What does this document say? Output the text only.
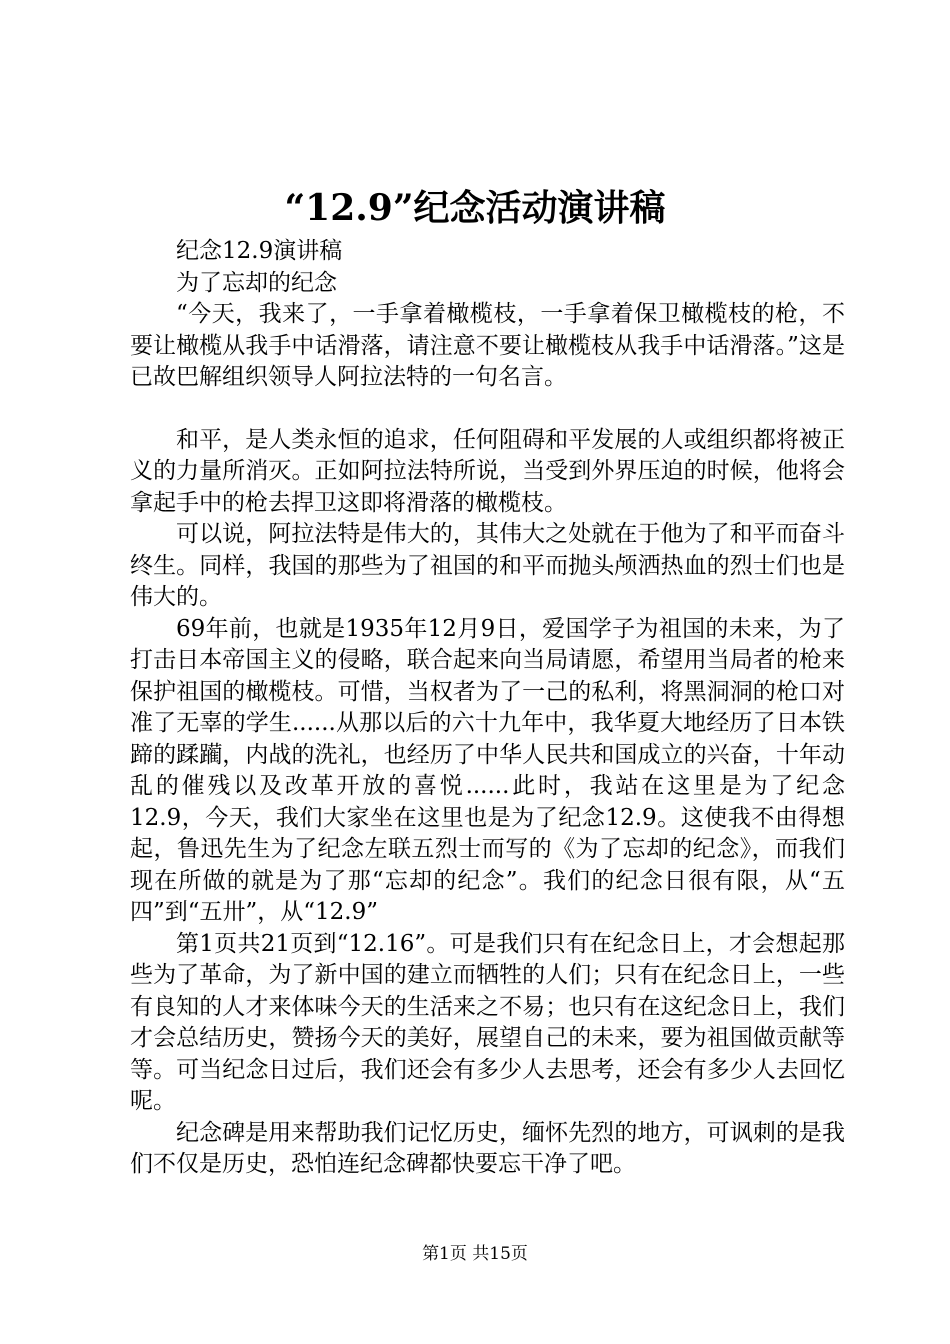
“12.9”纪念活动演讲稿

纪念12.9演讲稿

为了忘却的纪念

“今天，我来了，一手拿着橄榄枝，一手拿着保卫橄榄枝的枪，不要让橄榄从我手中话滑落，请注意不要让橄榄枝从我手中话滑落。”这是已故巴解组织领导人阿拉法特的一句名言。

和平，是人类永恒的追求，任何阻碍和平发展的人或组织都将被正义的力量所消灭。正如阿拉法特所说，当受到外界压迫的时候，他将会拿起手中的枪去捍卫这即将滑落的橄榄枝。

可以说，阿拉法特是伟大的，其伟大之处就在于他为了和平而奋斗终生。同样，我国的那些为了祖国的和平而抛头颅洒热血的烈士们也是伟大的。

69年前，也就是1935年12月9日，爱国学子为祖国的未来，为了打击日本帝国主义的侵略，联合起来向当局请愿，希望用当局者的枪来保护祖国的橄榄枝。可惜，当权者为了一己的私利，将黑洞洞的枪口对准了无辜的学生......从那以后的六十九年中，我华夏大地经历了日本铁蹄的蹂躏，内战的洗礼，也经历了中华人民共和国成立的兴奋，十年动乱的催残以及改革开放的喜悦......此时，我站在这里是为了纪念12.9，今天，我们大家坐在这里也是为了纪念12.9。这使我不由得想起，鲁迅先生为了纪念左联五烈士而写的《为了忘却的纪念》，而我们现在所做的就是为了那“忘却的纪念”。我们的纪念日很有限，从“五四”到“五卅”，从“12.9”

第1页共21页到“12.16”。可是我们只有在纪念日上，才会想起那些为了革命，为了新中国的建立而牺牲的人们；只有在纪念日上，一些有良知的人才来体味今天的生活来之不易；也只有在这纪念日上，我们才会总结历史，赞扬今天的美好，展望自己的未来，要为祖国做贡献等等。可当纪念日过后，我们还会有多少人去思考，还会有多少人去回忆呢。

纪念碑是用来帮助我们记忆历史，缅怀先烈的地方，可讽刺的是我们不仅是历史，恐怕连纪念碑都快要忘干净了吧。

第1页 共15页
